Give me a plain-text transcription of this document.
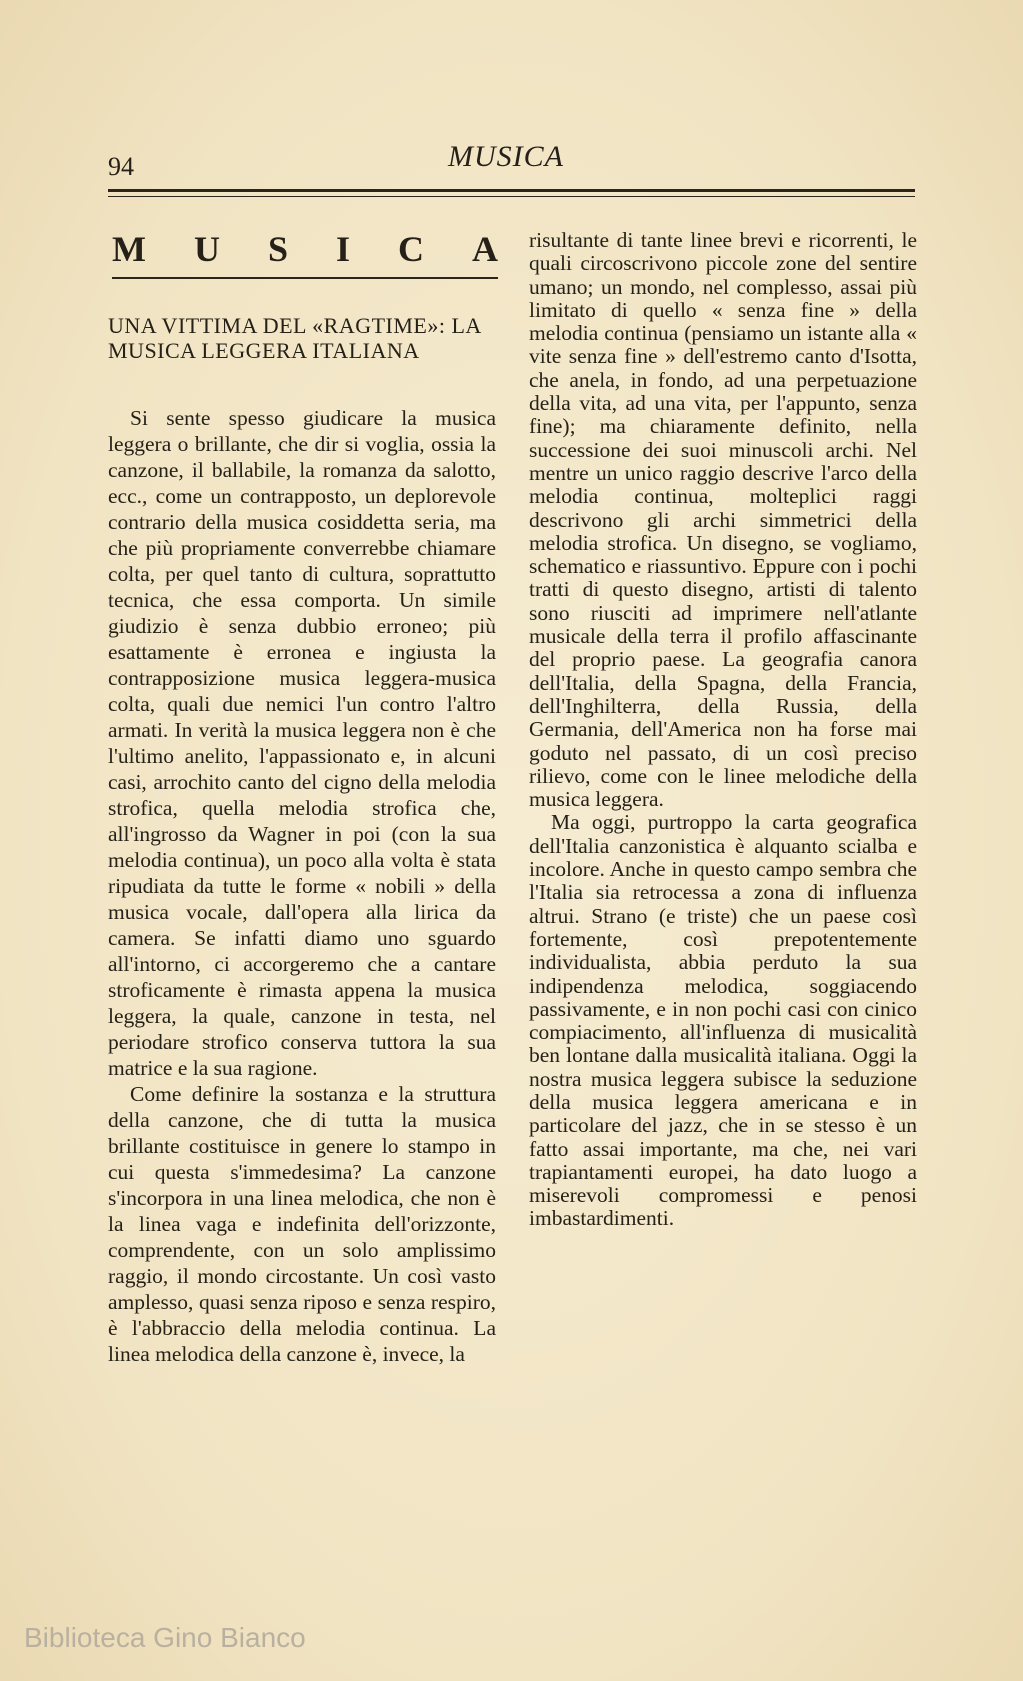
94	MUSICA
M U S I C A
UNA VITTIMA DEL «RAGTIME»: LA MUSICA LEGGERA ITALIANA

Si sente spesso giudicare la musica leggera o brillante, che dir si voglia, ossia la canzone, il ballabile, la romanza da salotto, ecc., come un contrapposto, un deplorevole contrario della musica cosiddetta seria, ma che più propriamente converrebbe chiamare colta, per quel tanto di cultura, soprattutto tecnica, che essa comporta. Un simile giudizio è senza dubbio erroneo; più esattamente è erronea e ingiusta la contrapposizione musica leggera-musica colta, quali due nemici l'un contro l'altro armati. In verità la musica leggera non è che l'ultimo anelito, l'appassionato e, in alcuni casi, arrochito canto del cigno della melodia strofica, quella melodia strofica che, all'ingrosso da Wagner in poi (con la sua melodia continua), un poco alla volta è stata ripudiata da tutte le forme « nobili » della musica vocale, dall'opera alla lirica da camera. Se infatti diamo uno sguardo all'intorno, ci accorgeremo che a cantare stroficamente è rimasta appena la musica leggera, la quale, canzone in testa, nel periodare strofico conserva tuttora la sua matrice e la sua ragione.

Come definire la sostanza e la struttura della canzone, che di tutta la musica brillante costituisce in genere lo stampo in cui questa s'immedesima? La canzone s'incorpora in una linea melodica, che non è la linea vaga e indefinita dell'orizzonte, comprendente, con un solo amplissimo raggio, il mondo circostante. Un così vasto amplesso, quasi senza riposo e senza respiro, è l'abbraccio della melodia continua. La linea melodica della canzone è, invece, la

risultante di tante linee brevi e ricorrenti, le quali circoscrivono piccole zone del sentire umano; un mondo, nel complesso, assai più limitato di quello « senza fine » della melodia continua (pensiamo un istante alla « vite senza fine » dell'estremo canto d'Isotta, che anela, in fondo, ad una perpetuazione della vita, ad una vita, per l'appunto, senza fine); ma chiaramente definito, nella successione dei suoi minuscoli archi. Nel mentre un unico raggio descrive l'arco della melodia continua, molteplici raggi descrivono gli archi simmetrici della melodia strofica. Un disegno, se vogliamo, schematico e riassuntivo. Eppure con i pochi tratti di questo disegno, artisti di talento sono riusciti ad imprimere nell'atlante musicale della terra il profilo affascinante del proprio paese. La geografia canora dell'Italia, della Spagna, della Francia, dell'Inghilterra, della Russia, della Germania, dell'America non ha forse mai goduto nel passato, di un così preciso rilievo, come con le linee melodiche della musica leggera.

Ma oggi, purtroppo la carta geografica dell'Italia canzonistica è alquanto scialba e incolore. Anche in questo campo sembra che l'Italia sia retrocessa a zona di influenza altrui. Strano (e triste) che un paese così fortemente, così prepotentemente individualista, abbia perduto la sua indipendenza melodica, soggiacendo passivamente, e in non pochi casi con cinico compiacimento, all'influenza di musicalità ben lontane dalla musicalità italiana. Oggi la nostra musica leggera subisce la seduzione della musica leggera americana e in particolare del jazz, che in se stesso è un fatto assai importante, ma che, nei vari trapiantamenti europei, ha dato luogo a miserevoli compromessi e penosi imbastardimenti.

Biblioteca Gino Bianco
